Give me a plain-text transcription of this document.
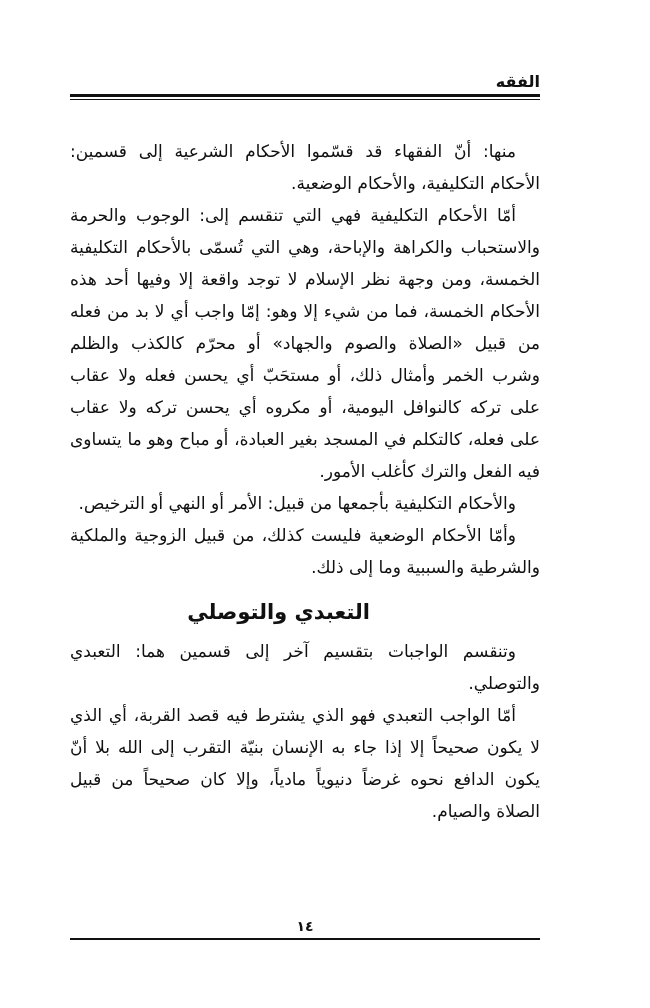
الفقه

منها: أنّ الفقهاء قد قسّموا الأحكام الشرعية إلى قسمين: الأحكام التكليفية، والأحكام الوضعية.

أمّا الأحكام التكليفية فهي التي تنقسم إلى: الوجوب والحرمة والاستحباب والكراهة والإباحة، وهي التي تُسمّى بالأحكام التكليفية الخمسة، ومن وجهة نظر الإسلام لا توجد واقعة إلا وفيها أحد هذه الأحكام الخمسة، فما من شيء إلا وهو: إمّا واجب أي لا بد من فعله من قبيل «الصلاة والصوم والجهاد» أو محرّم كالكذب والظلم وشرب الخمر وأمثال ذلك، أو مستحَبّ أي يحسن فعله ولا عقاب على تركه كالنوافل اليومية، أو مكروه أي يحسن تركه ولا عقاب على فعله، كالتكلم في المسجد بغير العبادة، أو مباح وهو ما يتساوى فيه الفعل والترك كأغلب الأمور.

والأحكام التكليفية بأجمعها من قبيل: الأمر أو النهي أو الترخيص.

وأمّا الأحكام الوضعية فليست كذلك، من قبيل الزوجية والملكية والشرطية والسببية وما إلى ذلك.

التعبدي والتوصلي

وتنقسم الواجبات بتقسيم آخر إلى قسمين هما: التعبدي والتوصلي.

أمّا الواجب التعبدي فهو الذي يشترط فيه قصد القربة، أي الذي لا يكون صحيحاً إلا إذا جاء به الإنسان بنيّة التقرب إلى الله بلا أنّ يكون الدافع نحوه غرضاً دنيوياً مادياً، وإلا كان صحيحاً من قبيل الصلاة والصيام.

١٤
